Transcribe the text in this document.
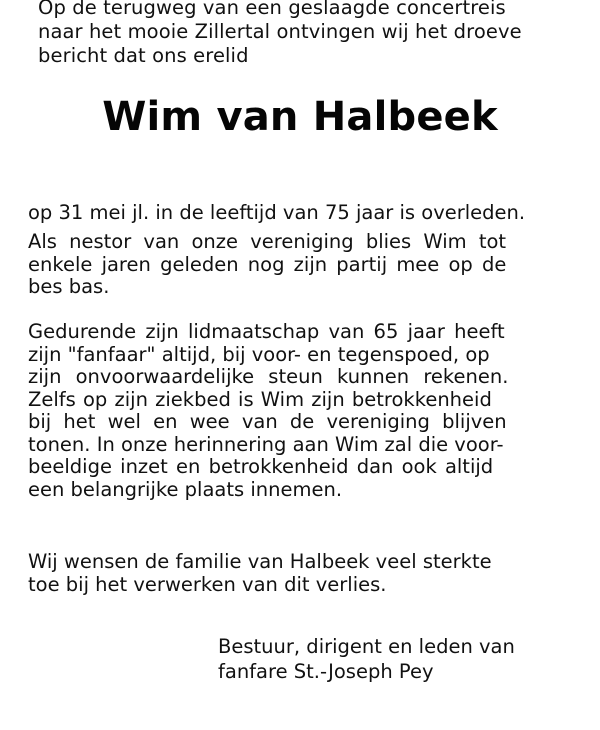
Op de terugweg van een geslaagde concertreis
naar het mooie Zillertal ontvingen wij het droeve
bericht dat ons erelid
Wim van Halbeek
op 31 mei jl. in de leeftijd van 75 jaar is overleden.
Als nestor van onze vereniging blies Wim tot
enkele jaren geleden nog zijn partij mee op de
bes bas.
Gedurende zijn lidmaatschap van 65 jaar heeft
zijn "fanfaar" altijd, bij voor- en tegenspoed, op
zijn onvoorwaardelijke steun kunnen rekenen.
Zelfs op zijn ziekbed is Wim zijn betrokkenheid
bij het wel en wee van de vereniging blijven
tonen. In onze herinnering aan Wim zal die voor-
beeldige inzet en betrokkenheid dan ook altijd
een belangrijke plaats innemen.
Wij wensen de familie van Halbeek veel sterkte
toe bij het verwerken van dit verlies.
Bestuur, dirigent en leden van
fanfare St.-Joseph Pey
